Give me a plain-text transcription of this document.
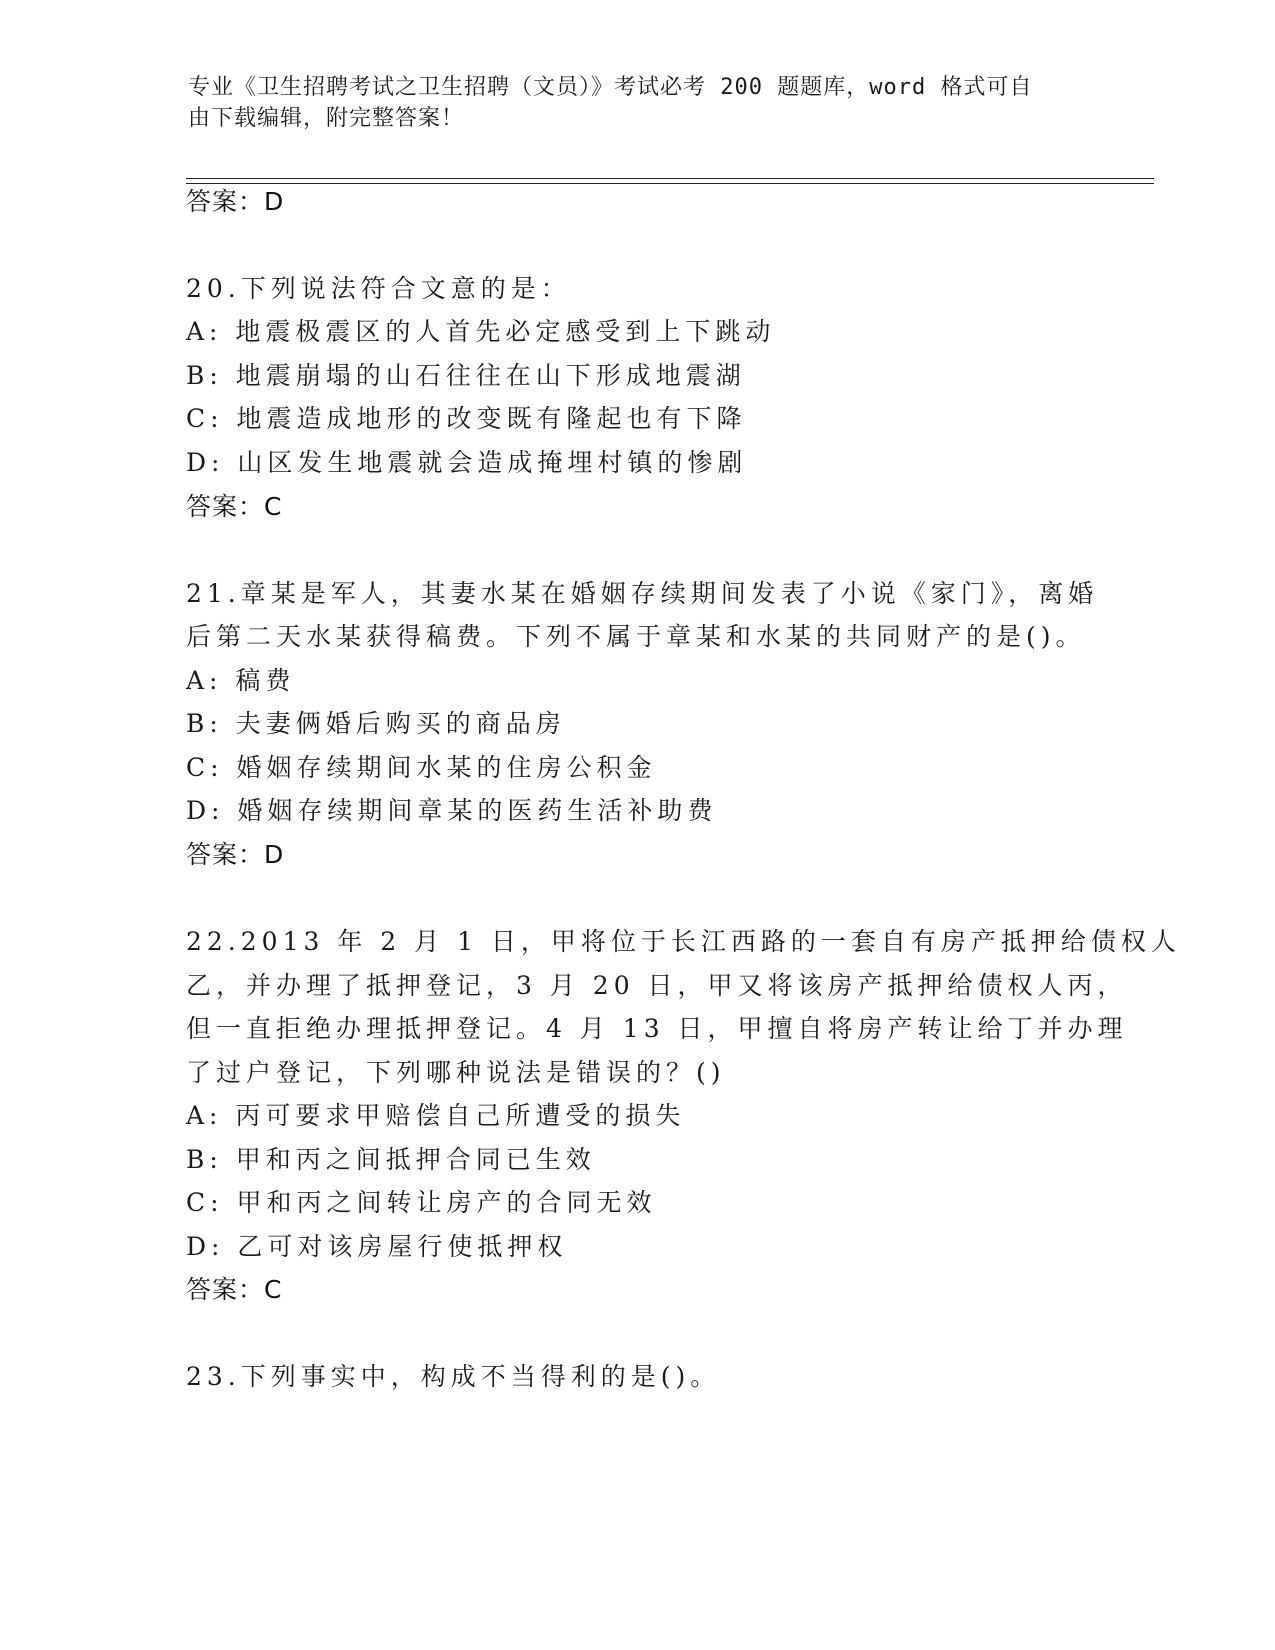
专业《卫生招聘考试之卫生招聘（文员）》考试必考 200 题题库，word 格式可自
由下载编辑，附完整答案！
答案：D
20.下列说法符合文意的是：
A: 地震极震区的人首先必定感受到上下跳动
B: 地震崩塌的山石往往在山下形成地震湖
C: 地震造成地形的改变既有隆起也有下降
D: 山区发生地震就会造成掩埋村镇的惨剧
答案：C
21.章某是军人，其妻水某在婚姻存续期间发表了小说《家门》，离婚
后第二天水某获得稿费。下列不属于章某和水某的共同财产的是()。
A: 稿费
B: 夫妻俩婚后购买的商品房
C: 婚姻存续期间水某的住房公积金
D: 婚姻存续期间章某的医药生活补助费
答案：D
22.2013 年 2 月 1 日，甲将位于长江西路的一套自有房产抵押给债权人
乙，并办理了抵押登记，3 月 20 日，甲又将该房产抵押给债权人丙，
但一直拒绝办理抵押登记。4 月 13 日，甲擅自将房产转让给丁并办理
了过户登记，下列哪种说法是错误的？()
A: 丙可要求甲赔偿自己所遭受的损失
B: 甲和丙之间抵押合同已生效
C: 甲和丙之间转让房产的合同无效
D: 乙可对该房屋行使抵押权
答案：C
23.下列事实中，构成不当得利的是()。
